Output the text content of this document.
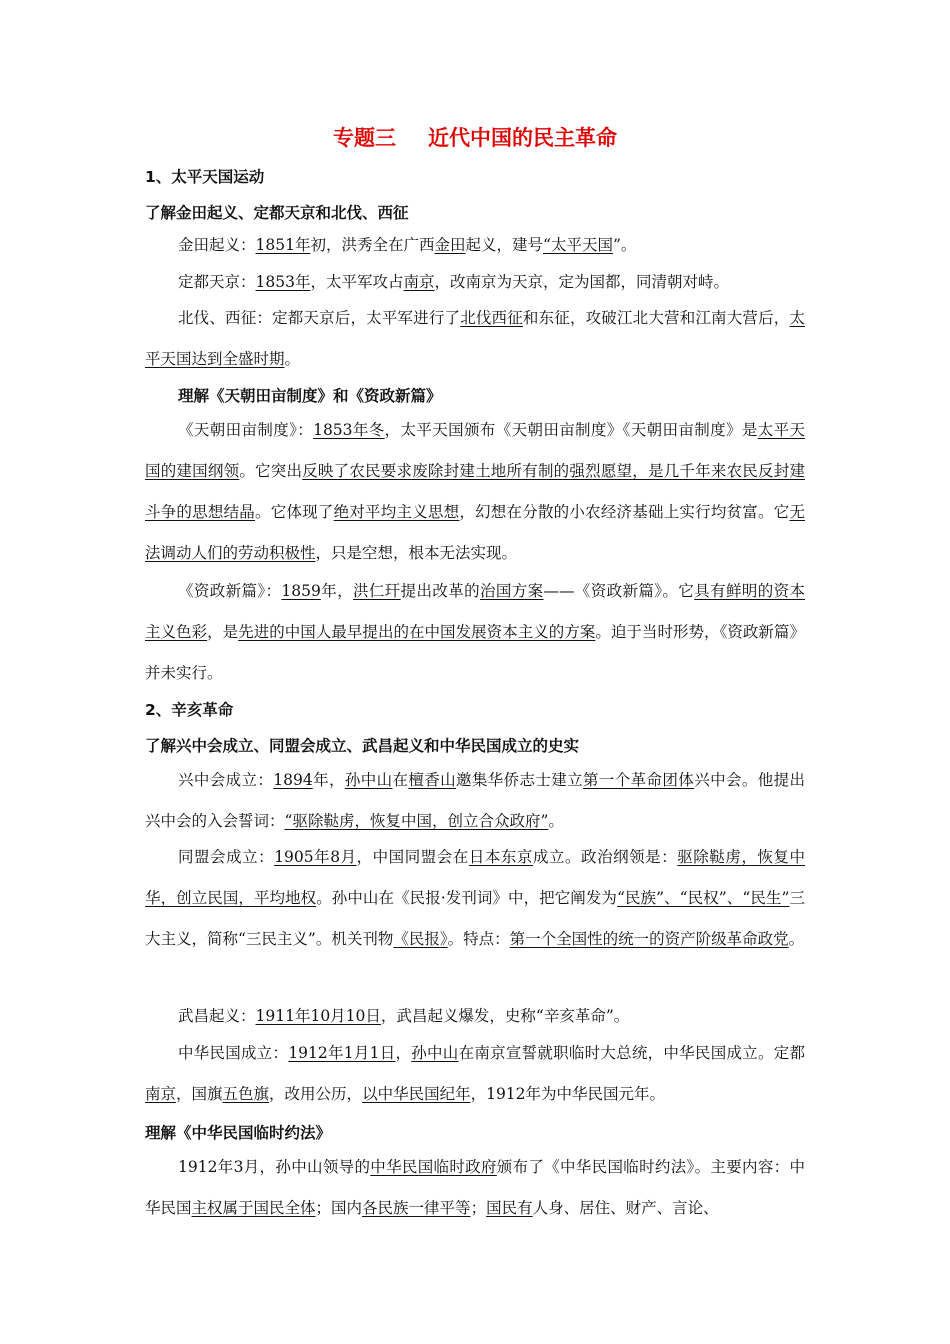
专题三 近代中国的民主革命
1、太平天国运动
了解金田起义、定都天京和北伐、西征
金田起义：1851年初，洪秀全在广西金田起义，建号“太平天国”。
定都天京：1853年，太平军攻占南京，改南京为天京，定为国都，同清朝对峙。
北伐、西征：定都天京后，太平军进行了北伐西征和东征，攻破江北大营和江南大营后，太平天国达到全盛时期。
理解《天朝田亩制度》和《资政新篇》
《天朝田亩制度》：1853年冬，太平天国颁布《天朝田亩制度》《天朝田亩制度》是太平天国的建国纲领。它突出反映了农民要求废除封建土地所有制的强烈愿望，是几千年来农民反封建斗争的思想结晶。它体现了绝对平均主义思想，幻想在分散的小农经济基础上实行均贫富。它无法调动人们的劳动积极性，只是空想，根本无法实现。
《资政新篇》：1859年，洪仁玕提出改革的治国方案——《资政新篇》。它具有鲜明的资本主义色彩，是先进的中国人最早提出的在中国发展资本主义的方案。迫于当时形势，《资政新篇》并未实行。
2、辛亥革命
了解兴中会成立、同盟会成立、武昌起义和中华民国成立的史实
兴中会成立：1894年，孙中山在檀香山邀集华侨志士建立第一个革命团体兴中会。他提出兴中会的入会誓词：“驱除鞑虏，恢复中国，创立合众政府”。
同盟会成立：1905年8月，中国同盟会在日本东京成立。政治纲领是：驱除鞑虏，恢复中华，创立民国，平均地权。孙中山在《民报·发刊词》中，把它阐发为“民族”、“民权”、“民生”三大主义，简称“三民主义”。机关刊物《民报》。特点：第一个全国性的统一的资产阶级革命政党。
武昌起义：1911年10月10日，武昌起义爆发，史称“辛亥革命”。
中华民国成立：1912年1月1日，孙中山在南京宣誓就职临时大总统，中华民国成立。定都南京，国旗五色旗，改用公历，以中华民国纪年，1912年为中华民国元年。
理解《中华民国临时约法》
1912年3月，孙中山领导的中华民国临时政府颁布了《中华民国临时约法》。主要内容：中华民国主权属于国民全体；国内各民族一律平等；国民有人身、居住、财产、言论、
